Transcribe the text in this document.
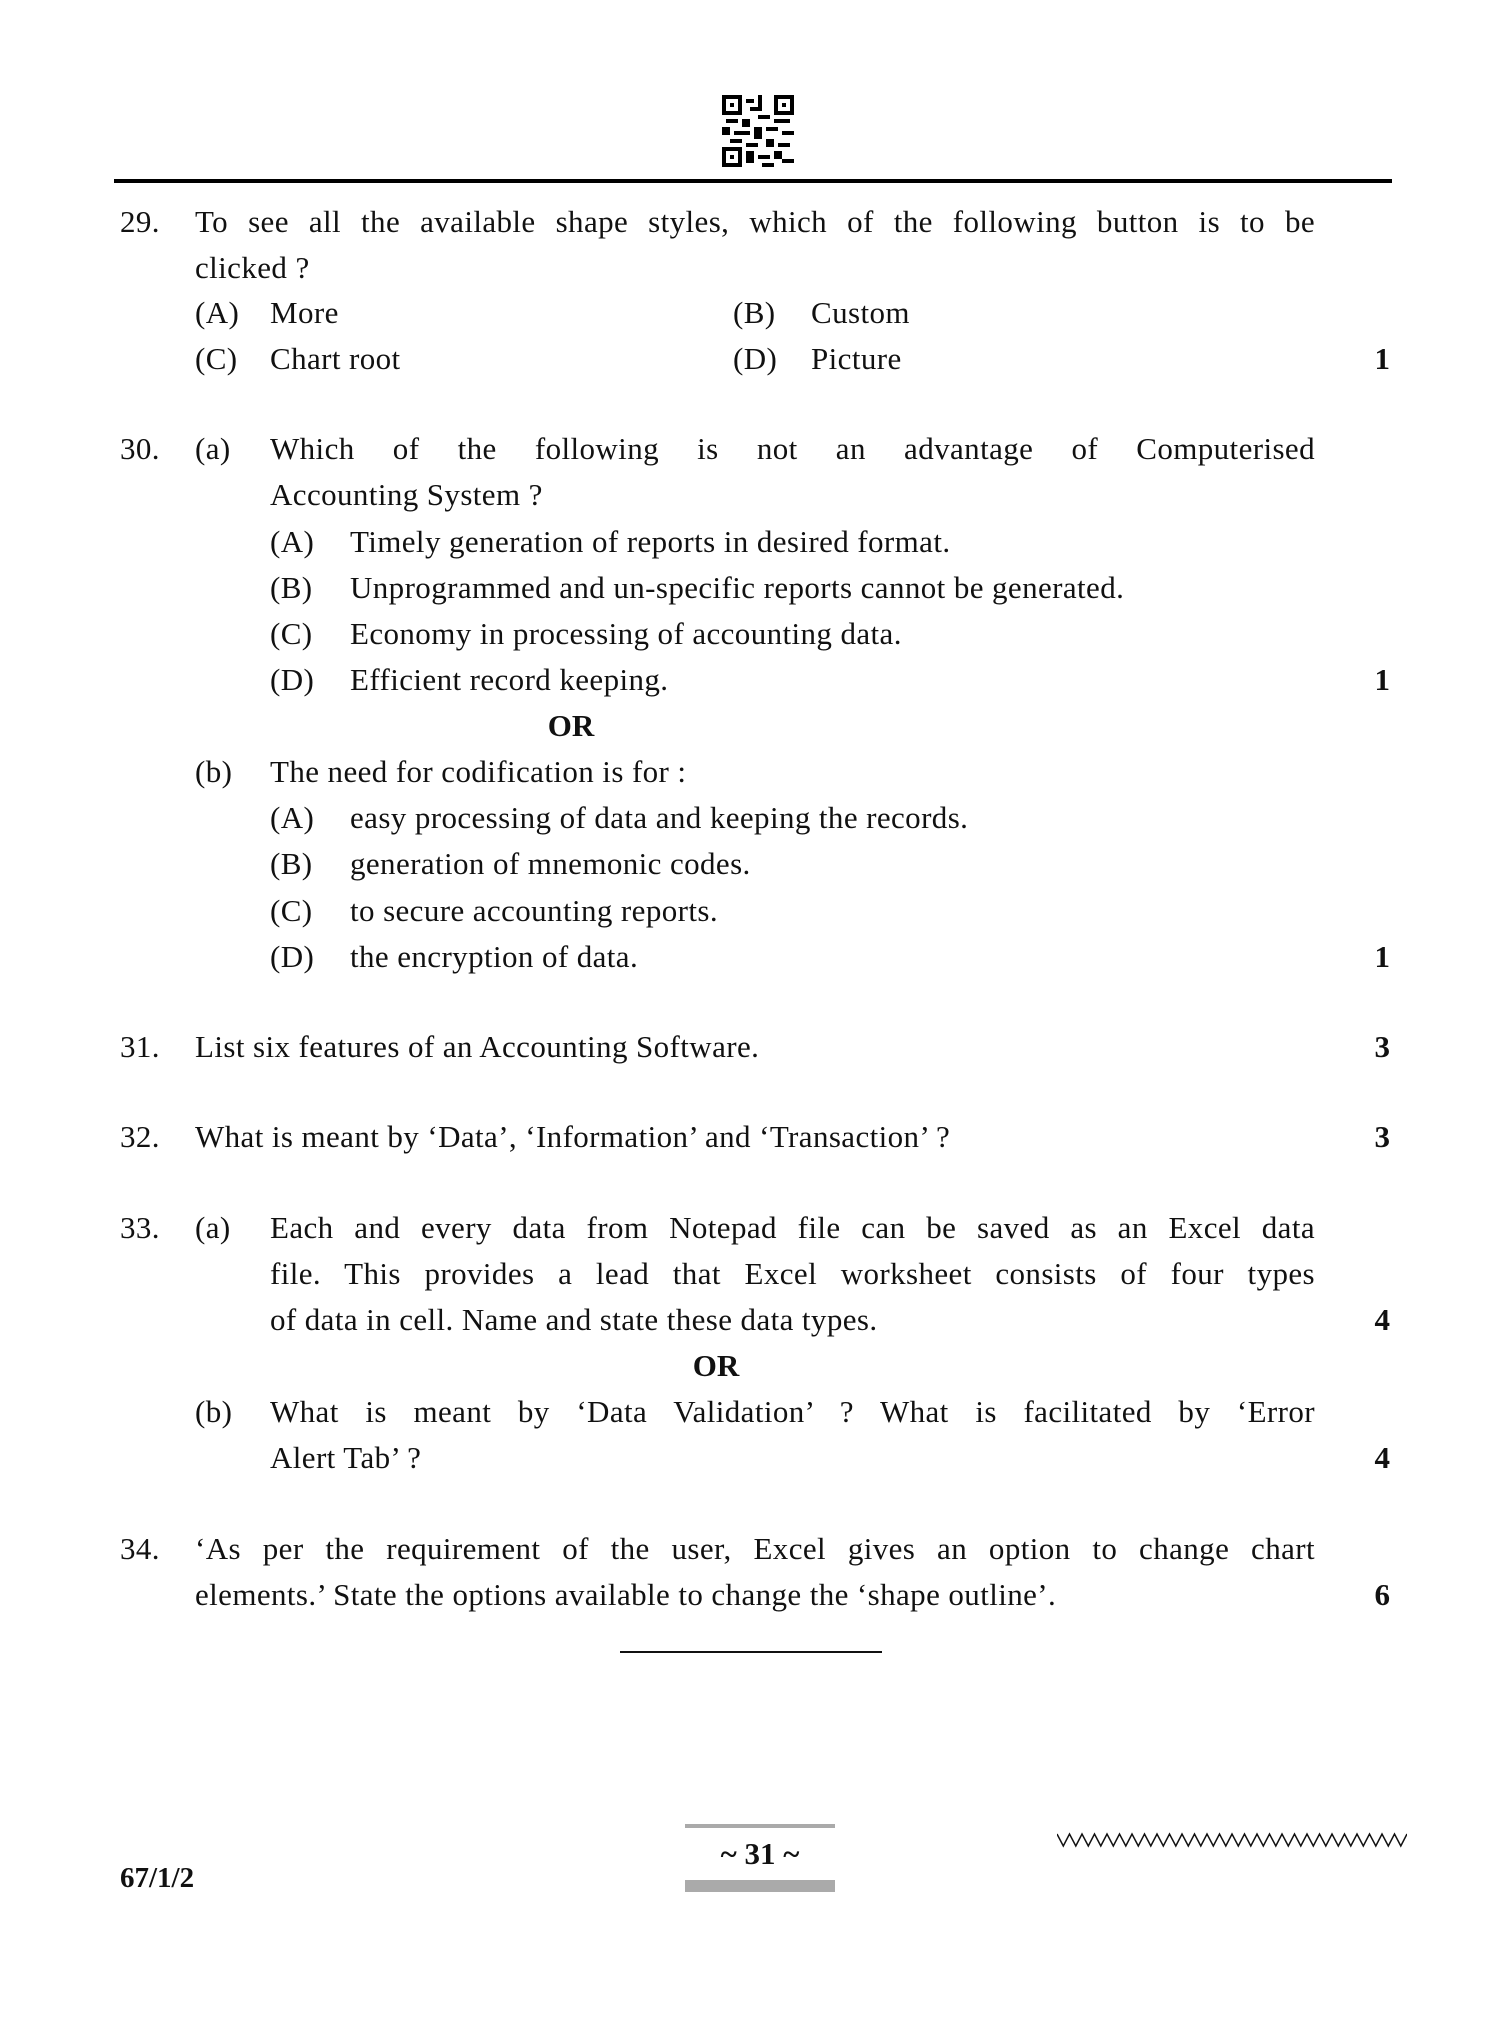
29. To see all the available shape styles, which of the following button is to be
clicked ?
(A) More	(B) Custom
(C) Chart root	(D) Picture	1
30. (a) Which of the following is not an advantage of Computerised
Accounting System ?
(A) Timely generation of reports in desired format.
(B) Unprogrammed and un-specific reports cannot be generated.
(C) Economy in processing of accounting data.
(D) Efficient record keeping.	1
OR
(b) The need for codification is for :
(A) easy processing of data and keeping the records.
(B) generation of mnemonic codes.
(C) to secure accounting reports.
(D) the encryption of data.	1
31. List six features of an Accounting Software.	3
32. What is meant by ‘Data’, ‘Information’ and ‘Transaction’ ?	3
33. (a) Each and every data from Notepad file can be saved as an Excel data
file. This provides a lead that Excel worksheet consists of four types
of data in cell. Name and state these data types.	4
OR
(b) What is meant by ‘Data Validation’ ? What is facilitated by ‘Error
Alert Tab’ ?	4
34. ‘As per the requirement of the user, Excel gives an option to change chart
elements.’ State the options available to change the ‘shape outline’.	6
67/1/2
~ 31 ~
